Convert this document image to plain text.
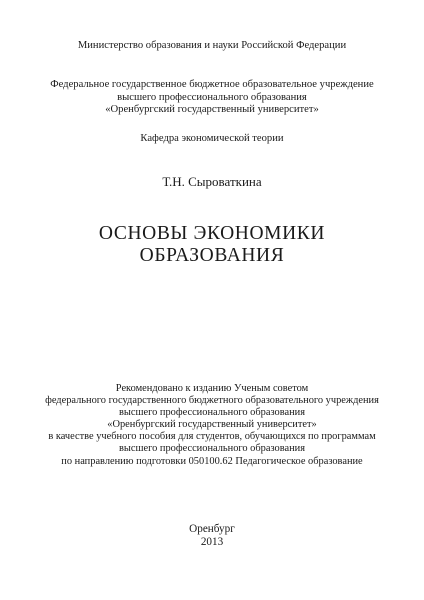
Министерство образования и науки Российской Федерации

Федеральное государственное бюджетное образовательное учреждение
высшего профессионального образования
«Оренбургский государственный университет»

Кафедра экономической теории

Т.Н. Сыроваткина

ОСНОВЫ ЭКОНОМИКИ
ОБРАЗОВАНИЯ
Рекомендовано к изданию Ученым советом
федерального государственного бюджетного образовательного учреждения
высшего профессионального образования
«Оренбургский государственный университет»
в качестве учебного пособия для студентов, обучающихся по программам
высшего профессионального образования
по направлению подготовки 050100.62 Педагогическое образование
Оренбург
2013
